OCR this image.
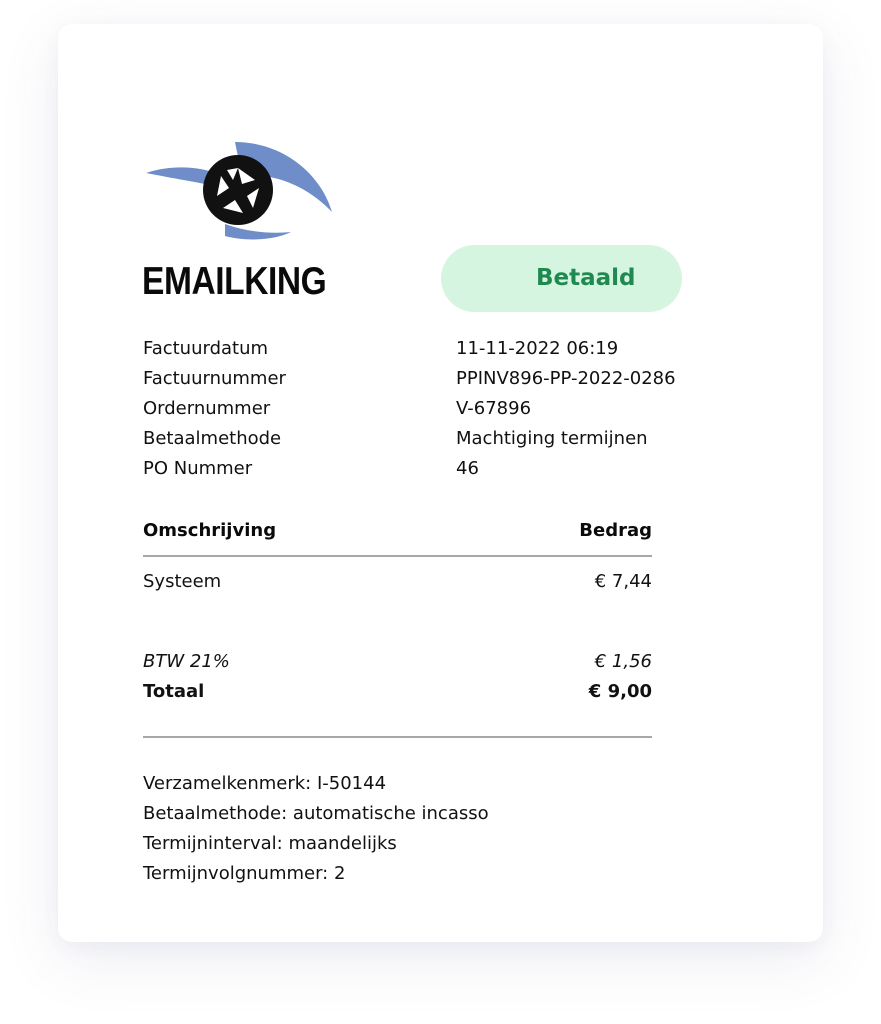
EMAILKING	Betaald
Factuurdatum	11-11-2022 06:19
Factuurnummer	PPINV896-PP-2022-0286
Ordernummer	V-67896
Betaalmethode	Machtiging termijnen
PO Nummer	46
Omschrijving	Bedrag
Systeem	€ 7,44
BTW 21%	€ 1,56
Totaal	€ 9,00
Verzamelkenmerk: I-50144
Betaalmethode: automatische incasso
Termijninterval: maandelijks
Termijnvolgnummer: 2
